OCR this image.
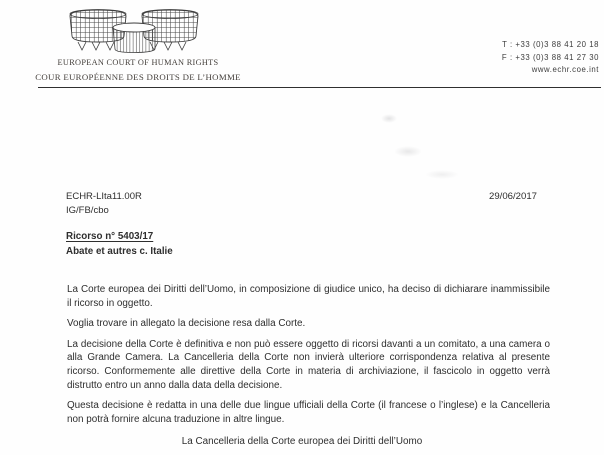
EUROPEAN COURT OF HUMAN RIGHTS
COUR EUROPÉENNE DES DROITS DE L’HOMME
T : +33 (0)3 88 41 20 18
F : +33 (0)3 88 41 27 30
www.echr.coe.int
ECHR-LIta11.00R
IG/FB/cbo
29/06/2017
Ricorso n° 5403/17
Abate et autres c. Italie

La Corte europea dei Diritti dell’Uomo, in composizione di giudice unico, ha deciso di dichiarare inammissibile il ricorso in oggetto.

Voglia trovare in allegato la decisione resa dalla Corte.

La decisione della Corte è definitiva e non può essere oggetto di ricorsi davanti a un comitato, a una camera o alla Grande Camera. La Cancelleria della Corte non invierà ulteriore corrispondenza relativa al presente ricorso. Conformemente alle direttive della Corte in materia di archiviazione, il fascicolo in oggetto verrà distrutto entro un anno dalla data della decisione.

Questa decisione è redatta in una delle due lingue ufficiali della Corte (il francese o l’inglese) e la Cancelleria non potrà fornire alcuna traduzione in altre lingue.

La Cancelleria della Corte europea dei Diritti dell’Uomo
